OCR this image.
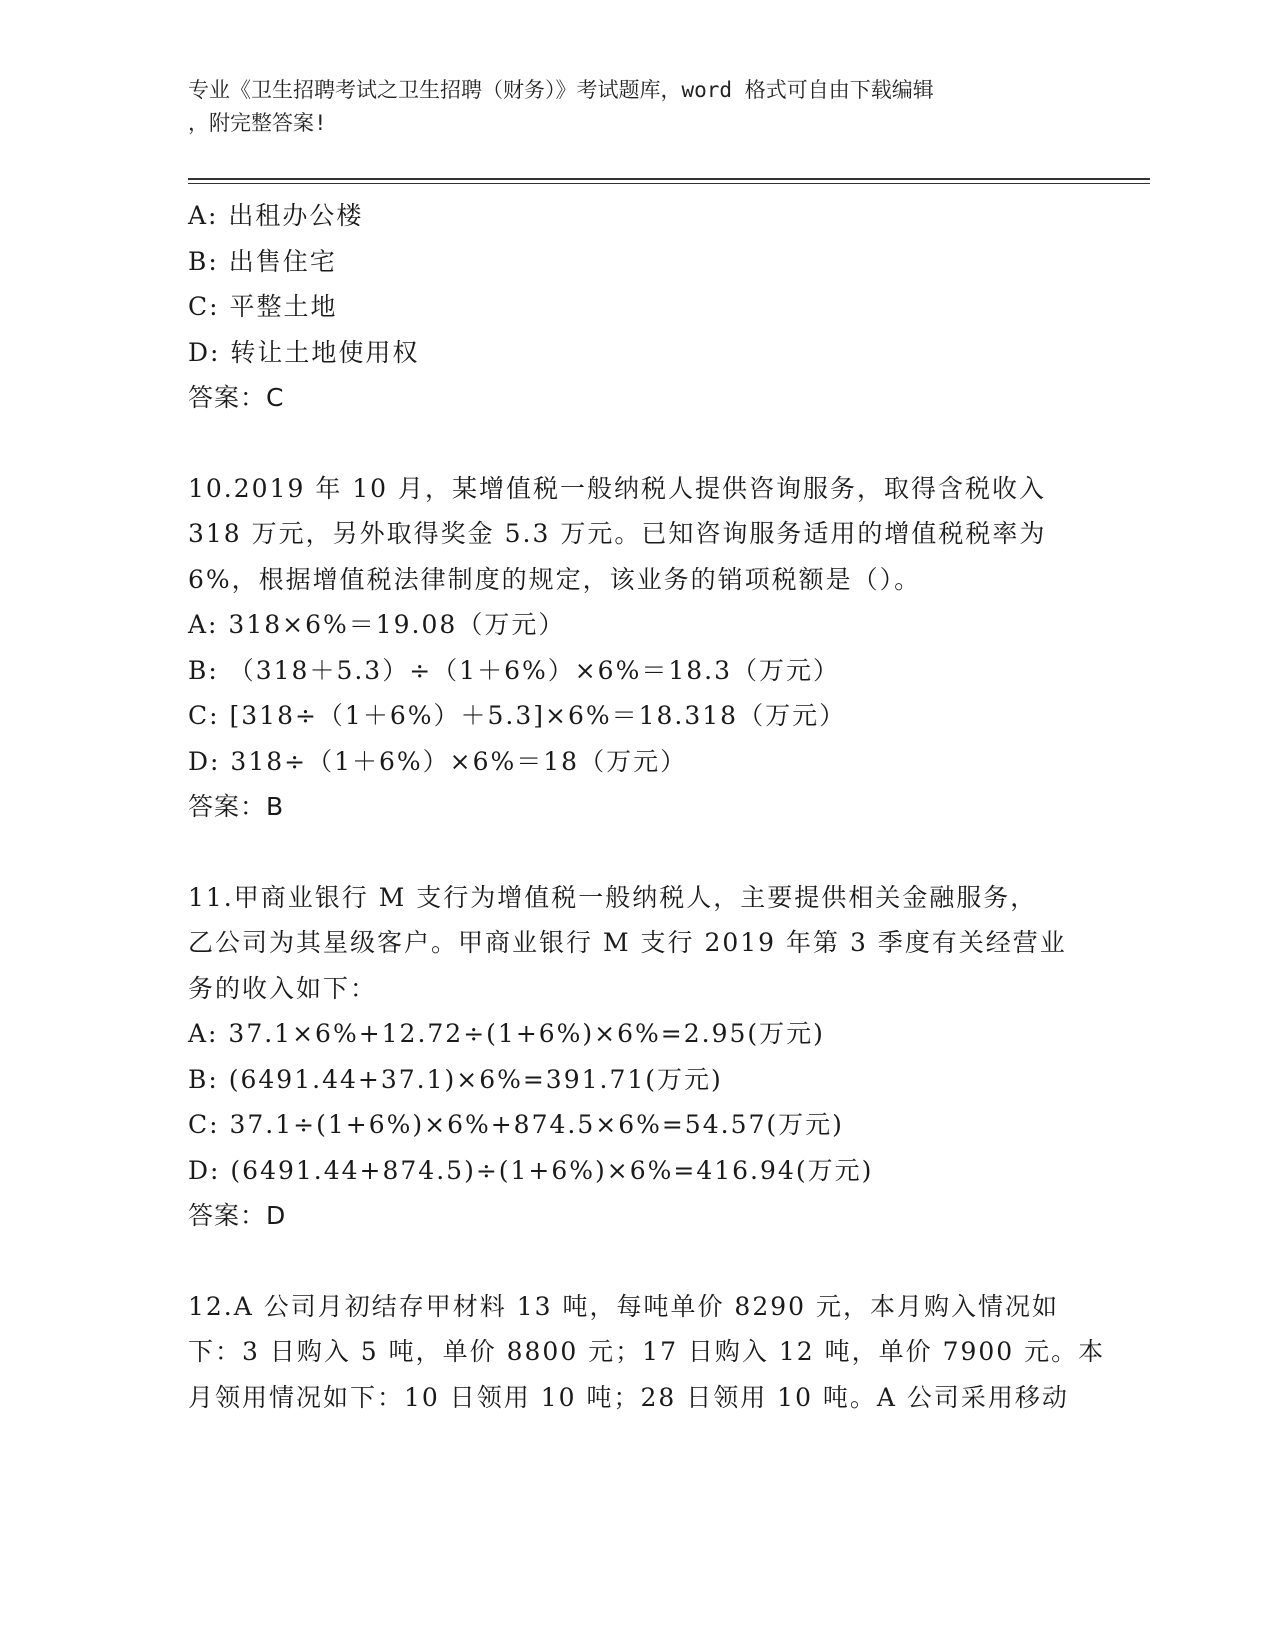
专业《卫生招聘考试之卫生招聘（财务）》考试题库，word 格式可自由下载编辑
，附完整答案!
A: 出租办公楼
B: 出售住宅
C: 平整土地
D: 转让土地使用权
答案：C
10.2019 年 10 月，某增值税一般纳税人提供咨询服务，取得含税收入
318 万元，另外取得奖金 5.3 万元。已知咨询服务适用的增值税税率为
6%，根据增值税法律制度的规定，该业务的销项税额是（）。
A: 318×6%＝19.08（万元）
B: （318＋5.3）÷（1＋6%）×6%＝18.3（万元）
C: [318÷（1＋6%）＋5.3]×6%＝18.318（万元）
D: 318÷（1＋6%）×6%＝18（万元）
答案：B
11.甲商业银行 M 支行为增值税一般纳税人，主要提供相关金融服务，
乙公司为其星级客户。甲商业银行 M 支行 2019 年第 3 季度有关经营业
务的收入如下：
A: 37.1×6%+12.72÷(1+6%)×6%=2.95(万元)
B: (6491.44+37.1)×6%=391.71(万元)
C: 37.1÷(1+6%)×6%+874.5×6%=54.57(万元)
D: (6491.44+874.5)÷(1+6%)×6%=416.94(万元)
答案：D
12.A 公司月初结存甲材料 13 吨，每吨单价 8290 元，本月购入情况如
下：3 日购入 5 吨，单价 8800 元；17 日购入 12 吨，单价 7900 元。本
月领用情况如下：10 日领用 10 吨；28 日领用 10 吨。A 公司采用移动
